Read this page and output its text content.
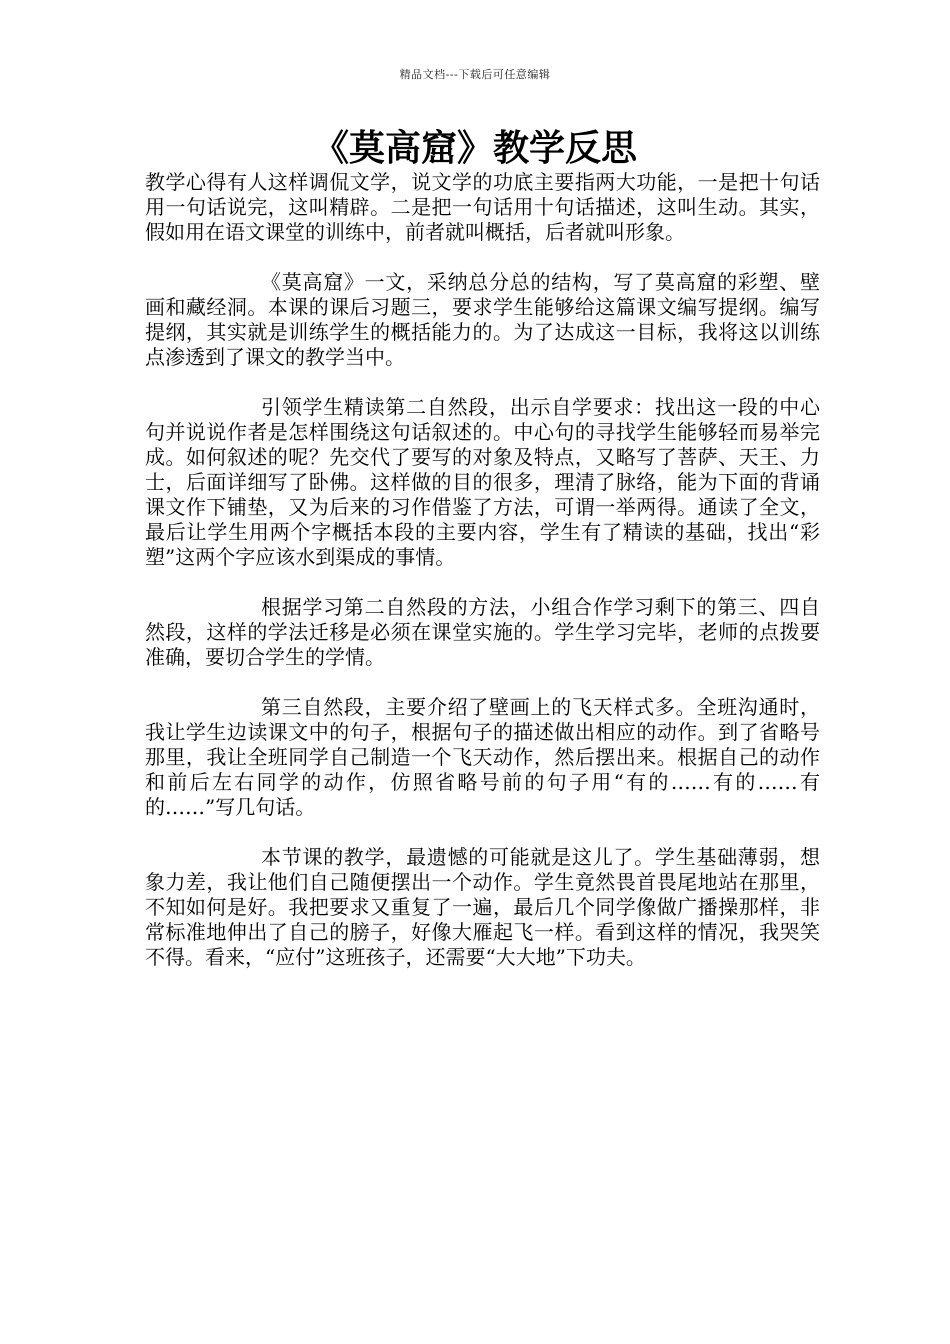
精品文档---下载后可任意编辑
《莫高窟》教学反思

教学心得有人这样调侃文学，说文学的功底主要指两大功能，一是把十句话用一句话说完，这叫精辟。二是把一句话用十句话描述，这叫生动。其实，假如用在语文课堂的训练中，前者就叫概括，后者就叫形象。

《莫高窟》一文，采纳总分总的结构，写了莫高窟的彩塑、壁画和藏经洞。本课的课后习题三，要求学生能够给这篇课文编写提纲。编写提纲，其实就是训练学生的概括能力的。为了达成这一目标，我将这以训练点渗透到了课文的教学当中。

引领学生精读第二自然段，出示自学要求：找出这一段的中心句并说说作者是怎样围绕这句话叙述的。中心句的寻找学生能够轻而易举完成。如何叙述的呢？先交代了要写的对象及特点，又略写了菩萨、天王、力士，后面详细写了卧佛。这样做的目的很多，理清了脉络，能为下面的背诵课文作下铺垫，又为后来的习作借鉴了方法，可谓一举两得。通读了全文，最后让学生用两个字概括本段的主要内容，学生有了精读的基础，找出“彩塑”这两个字应该水到渠成的事情。

根据学习第二自然段的方法，小组合作学习剩下的第三、四自然段，这样的学法迁移是必须在课堂实施的。学生学习完毕，老师的点拨要准确，要切合学生的学情。

第三自然段，主要介绍了壁画上的飞天样式多。全班沟通时，我让学生边读课文中的句子，根据句子的描述做出相应的动作。到了省略号那里，我让全班同学自己制造一个飞天动作，然后摆出来。根据自己的动作和前后左右同学的动作，仿照省略号前的句子用“有的……有的……有的……”写几句话。

本节课的教学，最遗憾的可能就是这儿了。学生基础薄弱，想象力差，我让他们自己随便摆出一个动作。学生竟然畏首畏尾地站在那里，不知如何是好。我把要求又重复了一遍，最后几个同学像做广播操那样，非常标准地伸出了自己的膀子，好像大雁起飞一样。看到这样的情况，我哭笑不得。看来，“应付”这班孩子，还需要“大大地”下功夫。
